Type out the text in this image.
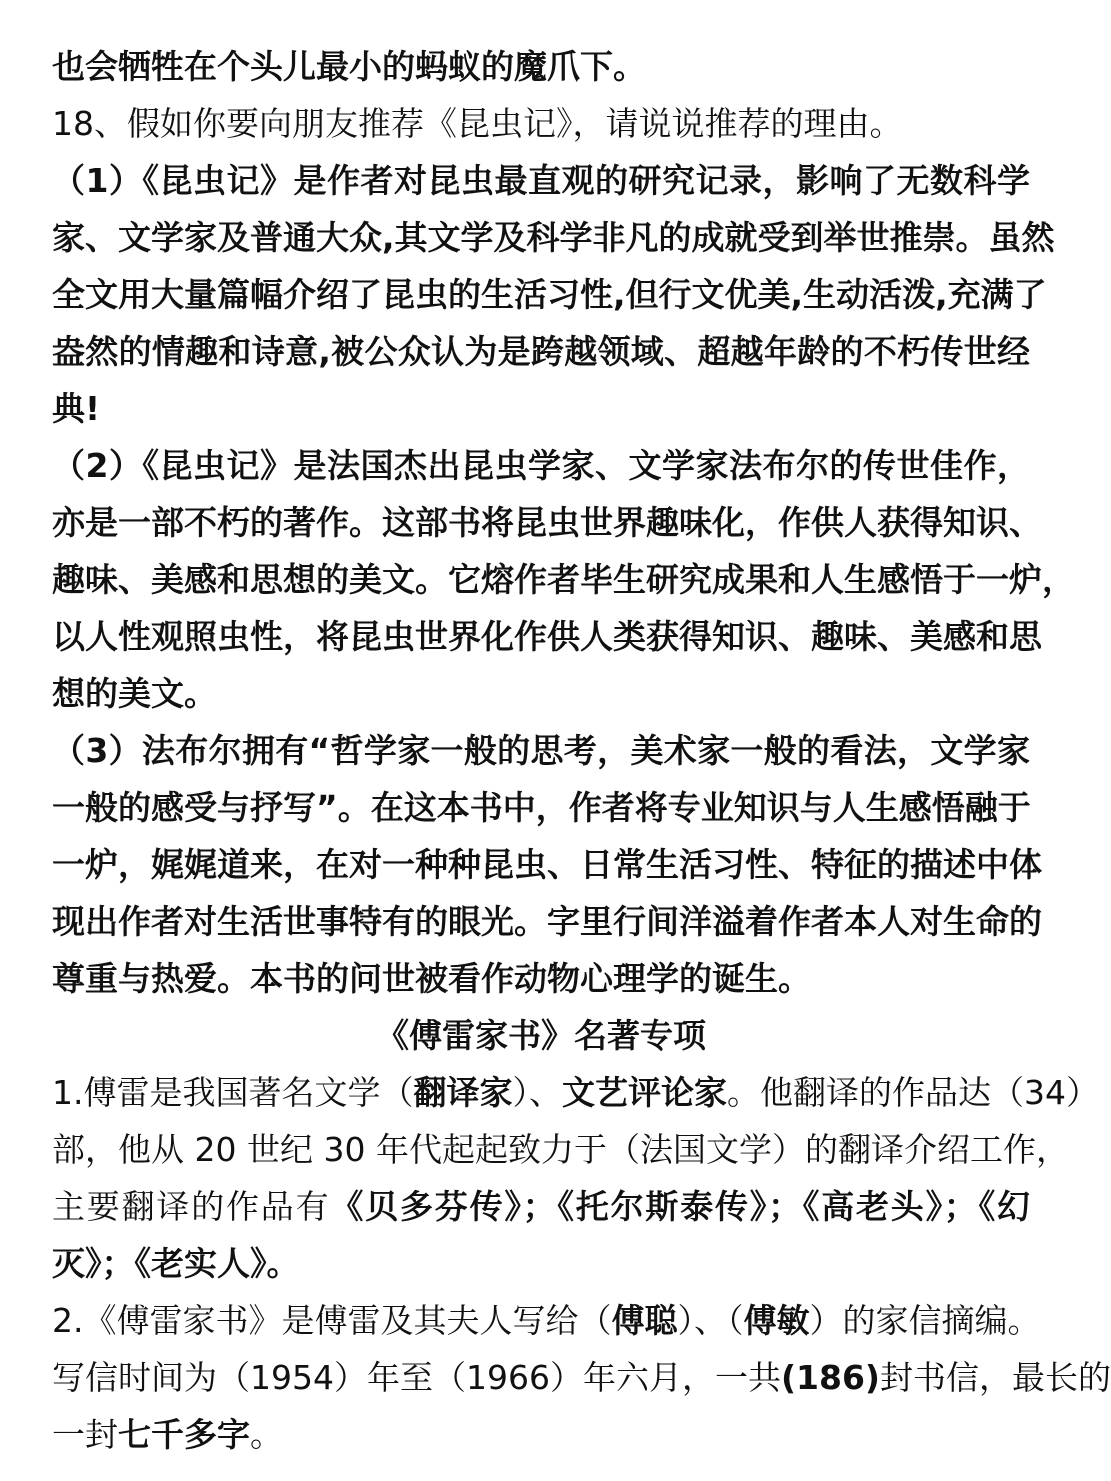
也会牺牲在个头儿最小的蚂蚁的魔爪下。
18、假如你要向朋友推荐《昆虫记》，请说说推荐的理由。
（1）《昆虫记》是作者对昆虫最直观的研究记录，影响了无数科学
家、文学家及普通大众,其文学及科学非凡的成就受到举世推崇。虽然
全文用大量篇幅介绍了昆虫的生活习性,但行文优美,生动活泼,充满了
盎然的情趣和诗意,被公众认为是跨越领域、超越年龄的不朽传世经
典!
（2）《昆虫记》是法国杰出昆虫学家、文学家法布尔的传世佳作，
亦是一部不朽的著作。这部书将昆虫世界趣味化，作供人获得知识、
趣味、美感和思想的美文。它熔作者毕生研究成果和人生感悟于一炉，
以人性观照虫性，将昆虫世界化作供人类获得知识、趣味、美感和思
想的美文。
（3）法布尔拥有“哲学家一般的思考，美术家一般的看法，文学家
一般的感受与抒写”。在这本书中，作者将专业知识与人生感悟融于
一炉，娓娓道来，在对一种种昆虫、日常生活习性、特征的描述中体
现出作者对生活世事特有的眼光。字里行间洋溢着作者本人对生命的
尊重与热爱。本书的问世被看作动物心理学的诞生。
《傅雷家书》名著专项
1.傅雷是我国著名文学（翻译家）、文艺评论家。他翻译的作品达（34）
部，他从 20 世纪 30 年代起起致力于（法国文学）的翻译介绍工作，
主要翻译的作品有《贝多芬传》；《托尔斯泰传》；《高老头》；《幻
灭》；《老实人》。
2.《傅雷家书》是傅雷及其夫人写给（傅聪）、（傅敏）的家信摘编。
写信时间为（1954）年至（1966）年六月，一共(186)封书信，最长的
一封七千多字。
